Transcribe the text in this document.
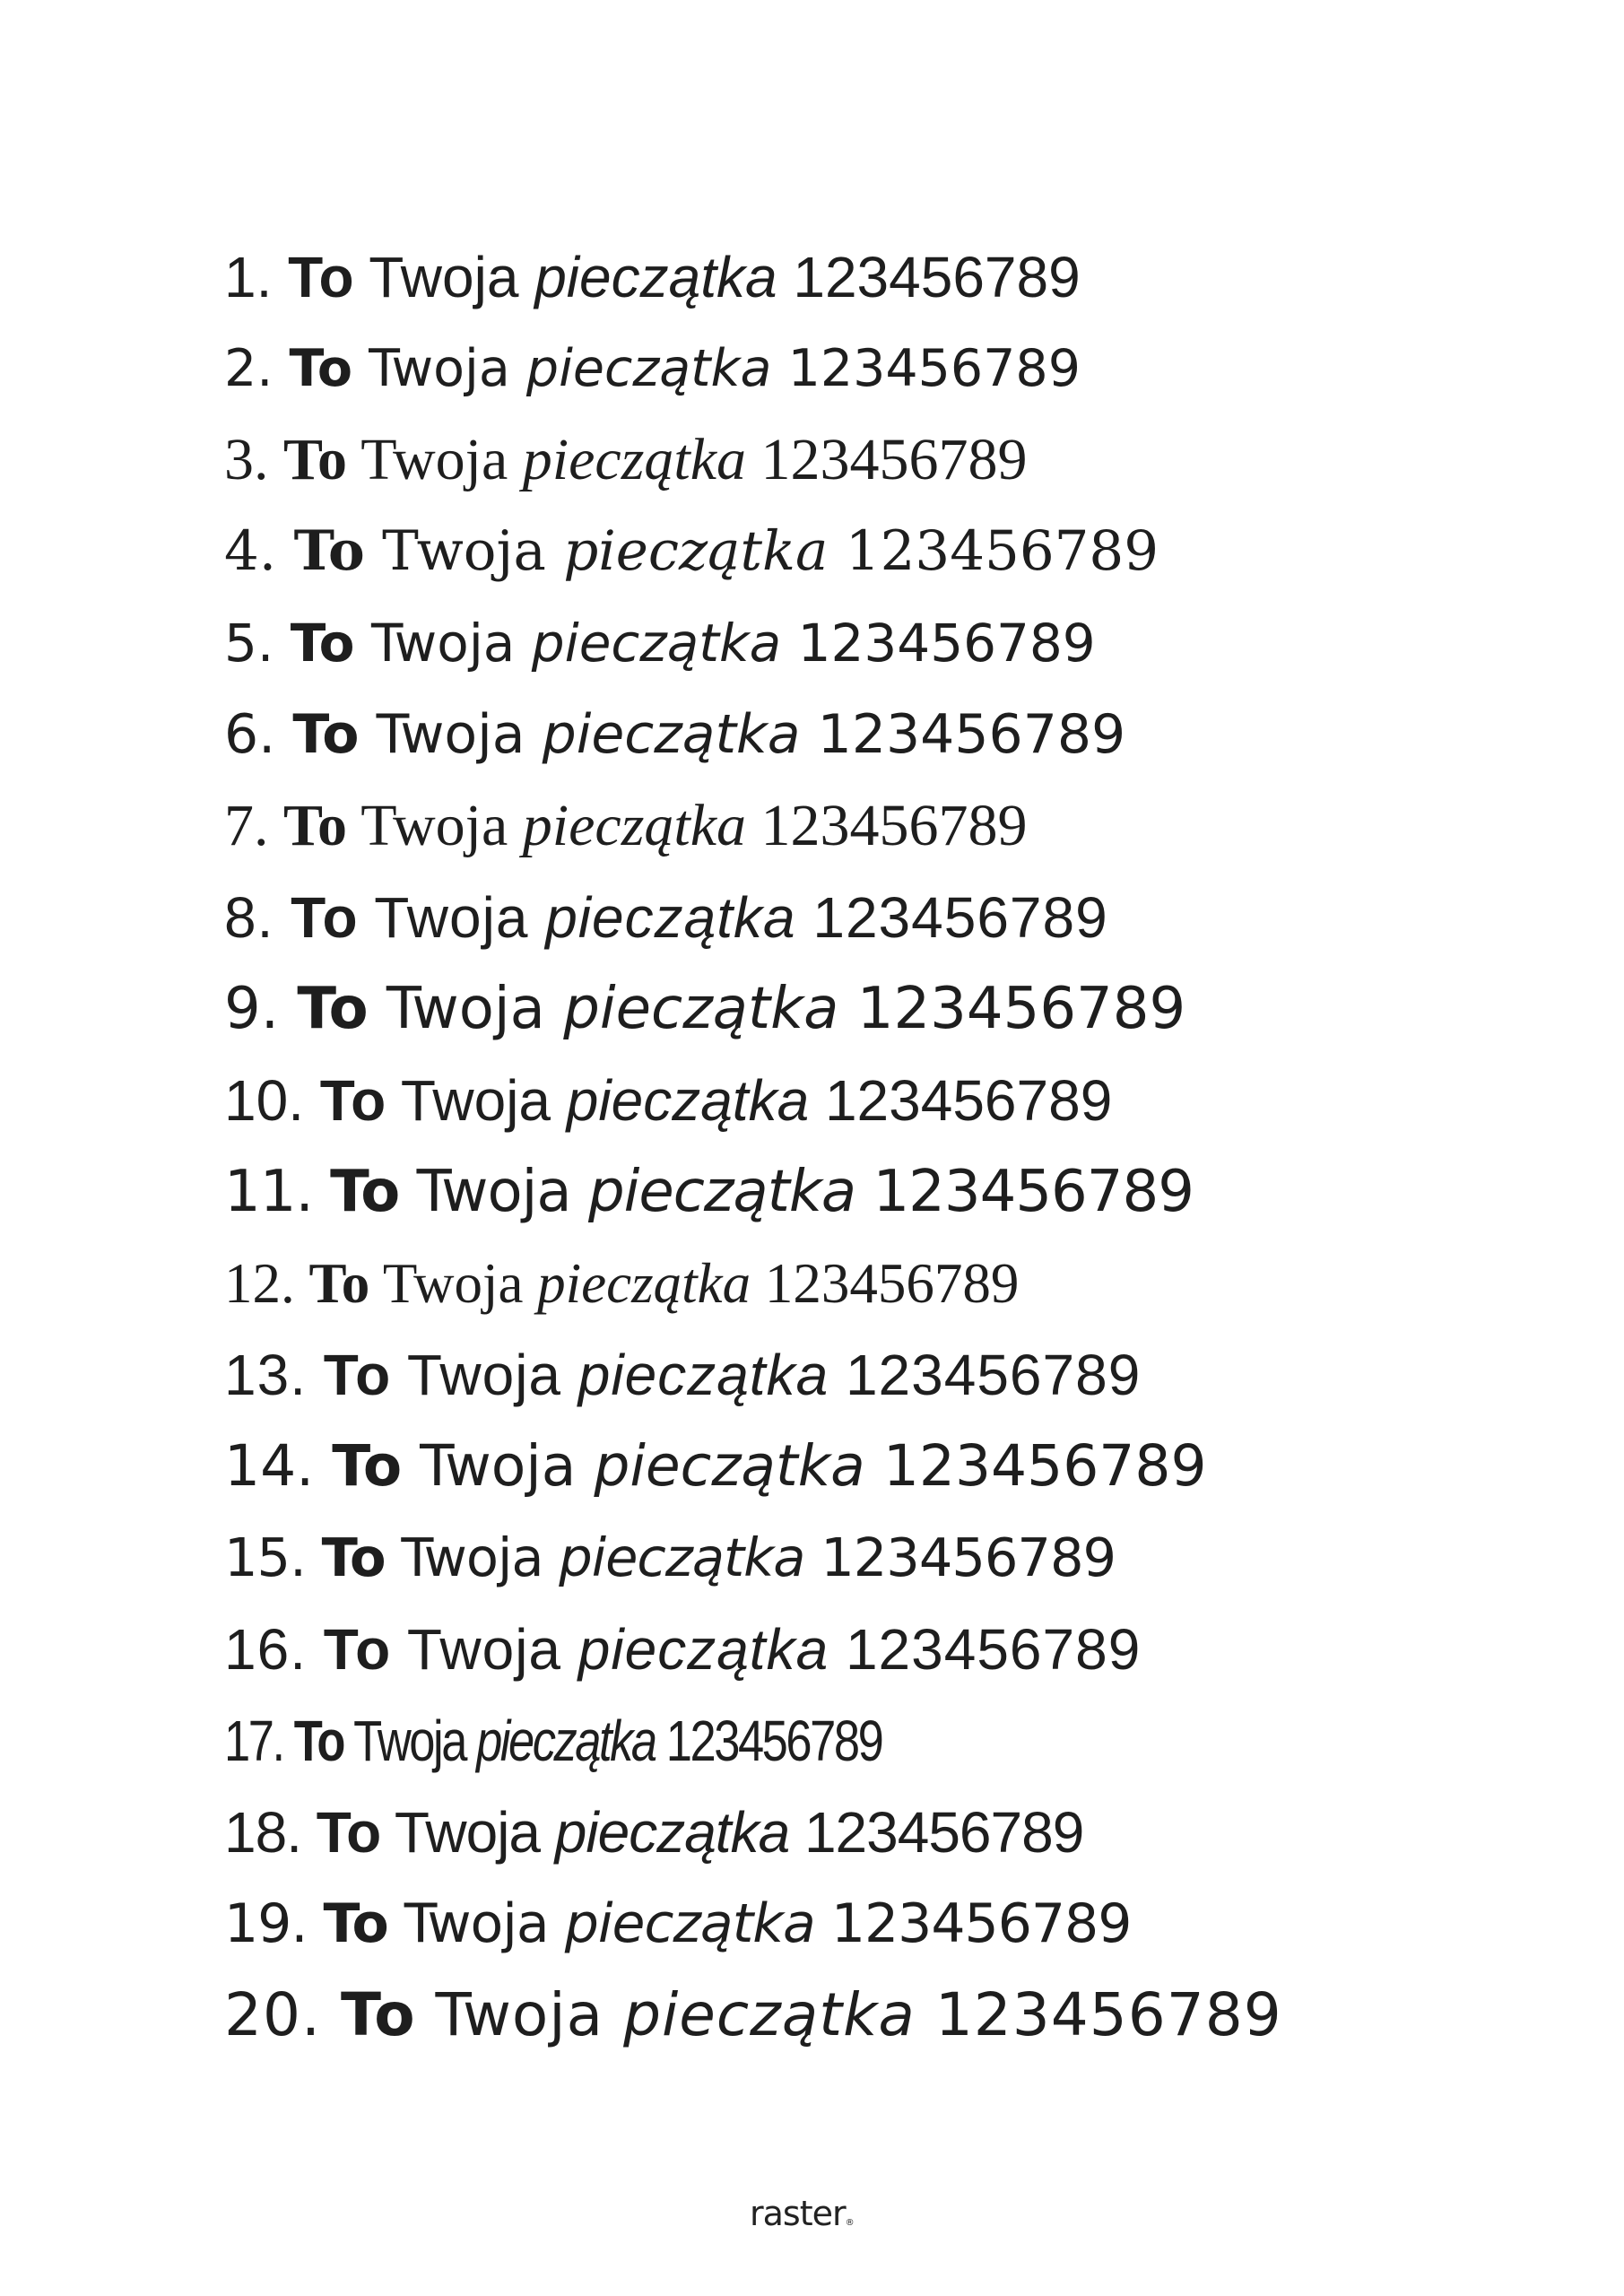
1. To Twoja pieczątka 123456789
2. To Twoja pieczątka 123456789
3. To Twoja pieczątka 123456789
4. To Twoja pieczątka 123456789
5. To Twoja pieczątka 123456789
6. To Twoja pieczątka 123456789
7. To Twoja pieczątka 123456789
8. To Twoja pieczątka 123456789
9. To Twoja pieczątka 123456789
10. To Twoja pieczątka 123456789
11. To Twoja pieczątka 123456789
12. To Twoja pieczątka 123456789
13. To Twoja pieczątka 123456789
14. To Twoja pieczątka 123456789
15. To Twoja pieczątka 123456789
16. To Twoja pieczątka 123456789
17. To Twoja pieczątka 123456789
18. To Twoja pieczątka 123456789
19. To Twoja pieczątka 123456789
20. To Twoja pieczątka 123456789
raster®
